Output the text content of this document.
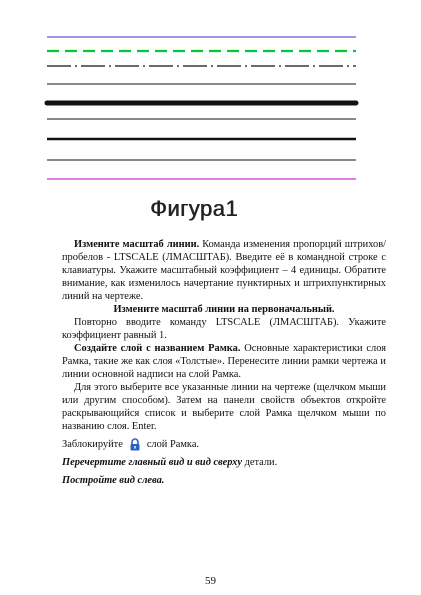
Фигура1

Измените масштаб линии. Команда изменения пропорций штрихов/пробелов - LTSCALE (ЛМАСШТАБ). Введите её в командной строке с клавиатуры. Укажите масштабный коэффициент – 4 единицы. Обратите внимание, как изменилось начертание пунктирных и штрихпунктирных линий на чертеже.

Измените масштаб линии на первоначальный.

Повторно вводите команду LTSCALE (ЛМАСШТАБ). Укажите коэффициент равный 1.

Создайте слой с названием Рамка. Основные характеристики слоя Рамка, такие же как слоя «Толстые». Перенесите линии рамки чертежа и линии основной надписи на слой Рамка.

Для этого выберите все указанные линии на чертеже (щелчком мыши или другим способом). Затем на панели свойств объектов откройте раскрывающийся список и выберите слой Рамка щелчком мыши по названию слоя. Enter.

Заблокируйте слой Рамка.

Перечертите главный вид и вид сверху детали.

Постройте вид слева.

59
